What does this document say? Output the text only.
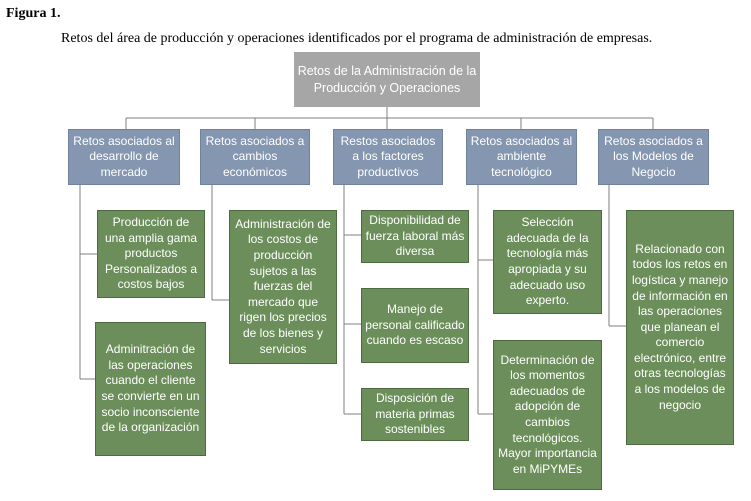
Figura 1.
Retos del área de producción y operaciones identificados por el programa de administración de empresas.
Retos de la Administración de la Producción y Operaciones
Retos asociados al desarrollo de mercado
Retos asociados a cambios económicos
Restos asociados a los factores productivos
Retos asociados al ambiente tecnológico
Retos asociados a los Modelos de Negocio
Producción de una amplia gama productos Personalizados a costos bajos
Adminitración de las operaciones cuando el cliente se convierte en un socio inconsciente de la organización
Administración de los costos de producción sujetos a las fuerzas del mercado que rigen los precios de los bienes y servicios
Disponibilidad de fuerza laboral más diversa
Manejo de personal calificado cuando es escaso
Disposición de materia primas sostenibles
Selección adecuada de la tecnología más apropiada y su adecuado uso experto.
Determinación de los momentos adecuados de adopción de cambios tecnológicos. Mayor importancia en MiPYMEs
Relacionado con todos los retos en logística y manejo de información en las operaciones que planean el comercio electrónico, entre otras tecnologías a los modelos de negocio
